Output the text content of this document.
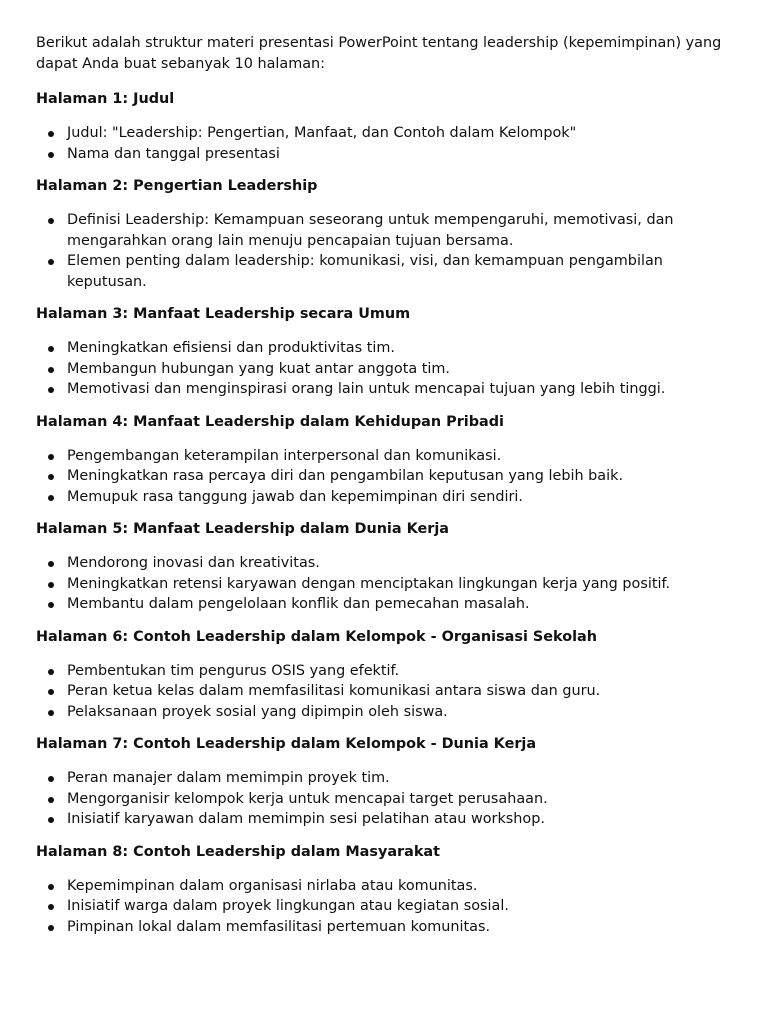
Berikut adalah struktur materi presentasi PowerPoint tentang leadership (kepemimpinan) yang dapat Anda buat sebanyak 10 halaman:

Halaman 1: Judul
Judul: "Leadership: Pengertian, Manfaat, dan Contoh dalam Kelompok"
Nama dan tanggal presentasi
Halaman 2: Pengertian Leadership
Definisi Leadership: Kemampuan seseorang untuk mempengaruhi, memotivasi, dan mengarahkan orang lain menuju pencapaian tujuan bersama.
Elemen penting dalam leadership: komunikasi, visi, dan kemampuan pengambilan keputusan.
Halaman 3: Manfaat Leadership secara Umum
Meningkatkan efisiensi dan produktivitas tim.
Membangun hubungan yang kuat antar anggota tim.
Memotivasi dan menginspirasi orang lain untuk mencapai tujuan yang lebih tinggi.
Halaman 4: Manfaat Leadership dalam Kehidupan Pribadi
Pengembangan keterampilan interpersonal dan komunikasi.
Meningkatkan rasa percaya diri dan pengambilan keputusan yang lebih baik.
Memupuk rasa tanggung jawab dan kepemimpinan diri sendiri.
Halaman 5: Manfaat Leadership dalam Dunia Kerja
Mendorong inovasi dan kreativitas.
Meningkatkan retensi karyawan dengan menciptakan lingkungan kerja yang positif.
Membantu dalam pengelolaan konflik dan pemecahan masalah.
Halaman 6: Contoh Leadership dalam Kelompok - Organisasi Sekolah
Pembentukan tim pengurus OSIS yang efektif.
Peran ketua kelas dalam memfasilitasi komunikasi antara siswa dan guru.
Pelaksanaan proyek sosial yang dipimpin oleh siswa.
Halaman 7: Contoh Leadership dalam Kelompok - Dunia Kerja
Peran manajer dalam memimpin proyek tim.
Mengorganisir kelompok kerja untuk mencapai target perusahaan.
Inisiatif karyawan dalam memimpin sesi pelatihan atau workshop.
Halaman 8: Contoh Leadership dalam Masyarakat
Kepemimpinan dalam organisasi nirlaba atau komunitas.
Inisiatif warga dalam proyek lingkungan atau kegiatan sosial.
Pimpinan lokal dalam memfasilitasi pertemuan komunitas.
